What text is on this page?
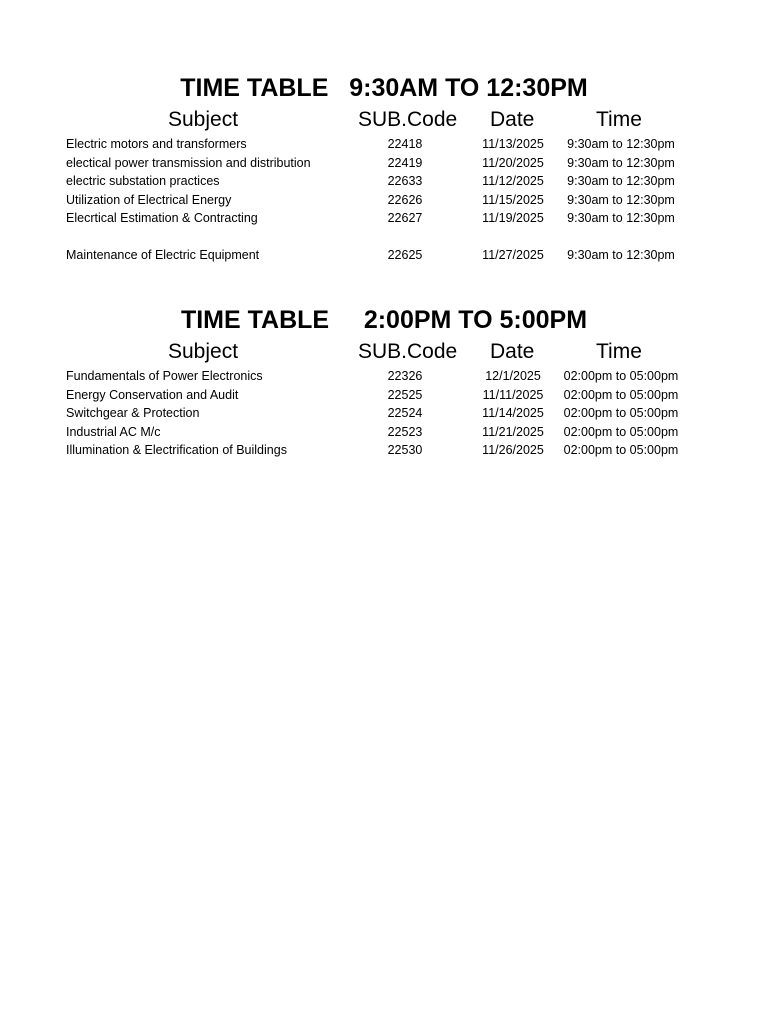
TIME TABLE   9:30AM TO 12:30PM
Subject	SUB.Code Date	Time
Electric motors and transformers	22418	11/13/2025	9:30am to 12:30pm
electical power transmission and distribution	22419	11/20/2025	9:30am to 12:30pm
electric substation practices	22633	11/12/2025	9:30am to 12:30pm
Utilization of Electrical Energy	22626	11/15/2025	9:30am to 12:30pm
Elecrtical Estimation & Contracting	22627	11/19/2025	9:30am to 12:30pm
Maintenance of Electric Equipment	22625	11/27/2025	9:30am to 12:30pm
TIME TABLE     2:00PM TO 5:00PM
Subject	SUB.Code Date	Time
Fundamentals of Power Electronics	22326	12/1/2025	02:00pm to 05:00pm
Energy Conservation and Audit	22525	11/11/2025	02:00pm to 05:00pm
Switchgear & Protection	22524	11/14/2025	02:00pm to 05:00pm
Industrial AC M/c	22523	11/21/2025	02:00pm to 05:00pm
Illumination & Electrification of Buildings	22530	11/26/2025	02:00pm to 05:00pm
